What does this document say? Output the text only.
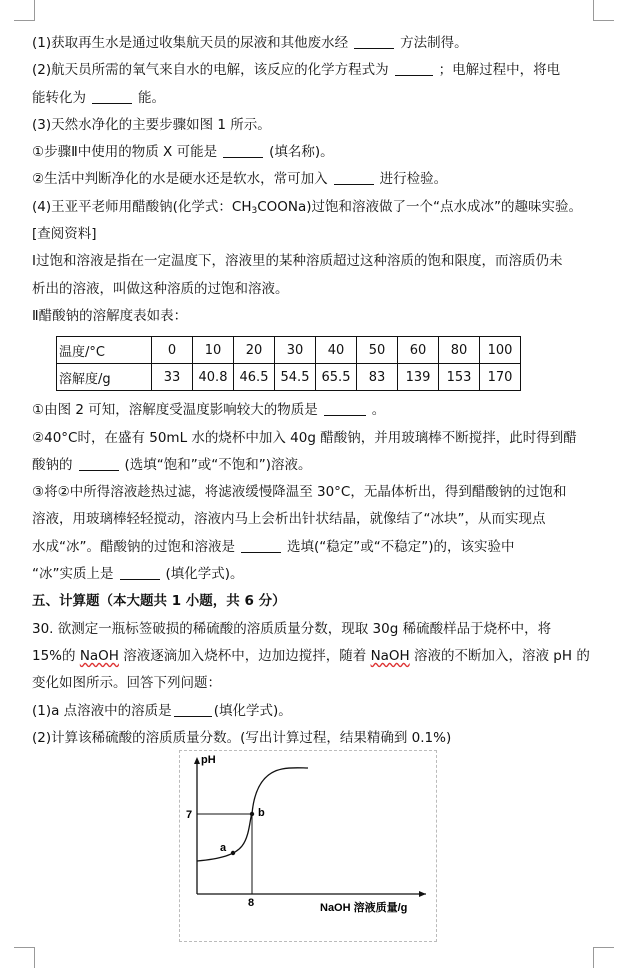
(1)获取再生水是通过收集航天员的尿液和其他废水经	方法制得。
(2)航天员所需的氧气来自水的电解，该反应的化学方程式为	；电解过程中，将电
能转化为	能。
(3)天然水净化的主要步骤如图 1 所示。
①步骤Ⅱ中使用的物质 X 可能是	(填名称)。
②生活中判断净化的水是硬水还是软水，常可加入	进行检验。
(4)王亚平老师用醋酸钠(化学式：$CH_3COONa$)过饱和溶液做了一个“点水成冰”的趣味实验。
[查阅资料]
Ⅰ过饱和溶液是指在一定温度下，溶液里的某种溶质超过这种溶质的饱和限度，而溶质仍未
析出的溶液，叫做这种溶质的过饱和溶液。
Ⅱ醋酸钠的溶解度表如表：
温度/°C	0	10	20	30	40	50	60	80	100
溶解度/g	33	40.8	46.5	54.5	65.5	83	139	153	170
①由图 2 可知，溶解度受温度影响较大的物质是	。
②40°C时，在盛有 50mL 水的烧杯中加入 40g 醋酸钠，并用玻璃棒不断搅拌，此时得到醋
酸钠的	(选填“饱和”或“不饱和”)溶液。
③将②中所得溶液趁热过滤，将滤液缓慢降温至 30°C，无晶体析出，得到醋酸钠的过饱和
溶液，用玻璃棒轻轻搅动，溶液内马上会析出针状结晶，就像结了“冰块”，从而实现点
水成“冰”。醋酸钠的过饱和溶液是	选填(“稳定”或“不稳定”)的，该实验中
“冰”实质上是	(填化学式)。
五、计算题（本大题共 1 小题，共 6 分）
30. 欲测定一瓶标签破损的稀硫酸的溶质质量分数，现取 30g 稀硫酸样品于烧杯中，将
15%的 NaOH 溶液逐滴加入烧杯中，边加边搅拌，随着 NaOH 溶液的不断加入，溶液 pH 的
变化如图所示。回答下列问题：
(1)a 点溶液中的溶质是	(填化学式)。
(2)计算该稀硫酸的溶质质量分数。(写出计算过程，结果精确到 0.1%)
pH
NaOH 溶液质量/g
7
8
a
b
